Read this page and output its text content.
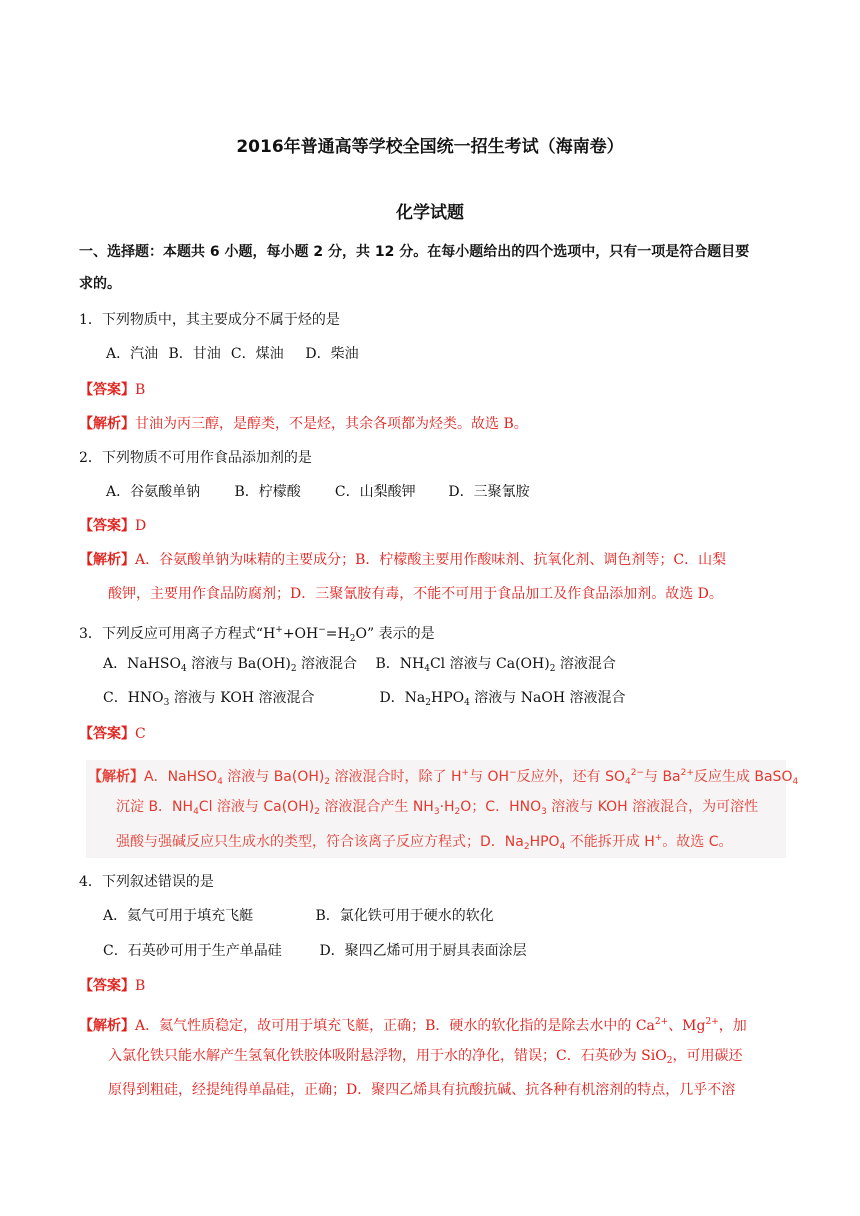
2016年普通高等学校全国统一招生考试（海南卷）
化学试题
一、选择题：本题共 6 小题，每小题 2 分，共 12 分。在每小题给出的四个选项中，只有一项是符合题目要
求的。
1．下列物质中，其主要成分不属于烃的是
A．汽油 B．甘油 C．煤油 D．柴油
【答案】B
【解析】甘油为丙三醇，是醇类，不是烃，其余各项都为烃类。故选 B。
2．下列物质不可用作食品添加剂的是
A．谷氨酸单钠 B．柠檬酸 C．山梨酸钾 D．三聚氰胺
【答案】D
【解析】A．谷氨酸单钠为味精的主要成分；B．柠檬酸主要用作酸味剂、抗氧化剂、调色剂等；C．山梨
酸钾，主要用作食品防腐剂；D．三聚氰胺有毒，不能不可用于食品加工及作食品添加剂。故选 D。
3．下列反应可用离子方程式“$H^++OH^-=H_2O$” 表示的是
A．NaHSO$_4$ 溶液与 $Ba(OH)_2$ 溶液混合 B．$NH_4Cl$ 溶液与 $Ca(OH)_2$ 溶液混合
C．$HNO_3$ 溶液与 KOH 溶液混合	D．$Na_2HPO_4$ 溶液与 NaOH 溶液混合
【答案】C
【解析】A．NaHSO$_4$ 溶液与 $Ba(OH)_2$ 溶液混合时，除了 H+与 OH−反应外，还有 $SO_4^{2-}$与 $Ba^{2+}$反应生成 BaSO$_4$
沉淀 B．$NH_4Cl$ 溶液与 $Ca(OH)_2$ 溶液混合产生 $NH_3\cdot H_2O$；C．$HNO_3$ 溶液与 KOH 溶液混合，为可溶性
强酸与强碱反应只生成水的类型，符合该离子反应方程式；D．$Na_2HPO_4$ 不能拆开成 H+。故选 C。
4．下列叙述错误的是
A．氦气可用于填充飞艇	B．氯化铁可用于硬水的软化
C．石英砂可用于生产单晶硅	D．聚四乙烯可用于厨具表面涂层
【答案】B
【解析】A．氦气性质稳定，故可用于填充飞艇，正确；B．硬水的软化指的是除去水中的 $Ca^{2+}$、$Mg^{2+}$，加
入氯化铁只能水解产生氢氧化铁胶体吸附悬浮物，用于水的净化，错误；C．石英砂为 SiO$_2$，可用碳还
原得到粗硅，经提纯得单晶硅，正确；D．聚四乙烯具有抗酸抗碱、抗各种有机溶剂的特点，几乎不溶
